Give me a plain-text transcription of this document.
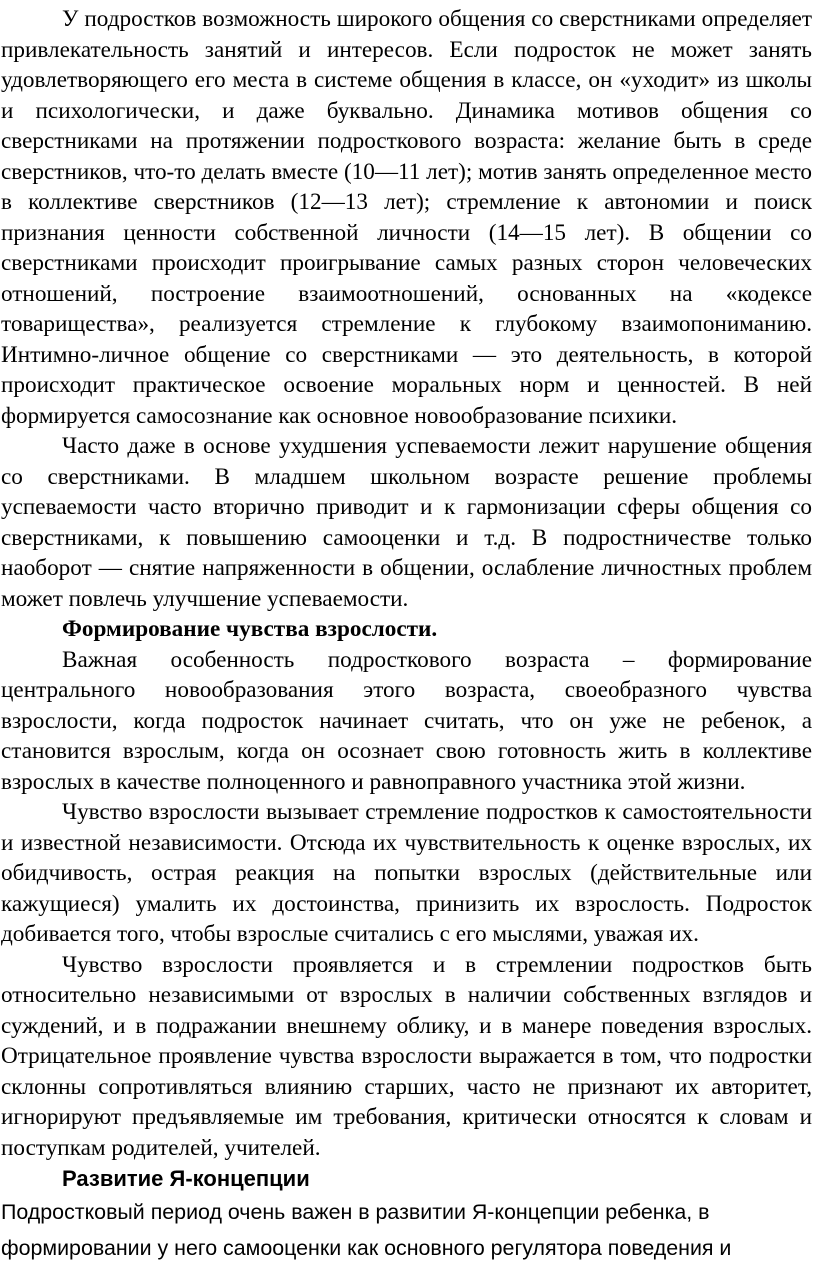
У подростков возможность широкого общения со сверстниками определяет привлекательность занятий и интересов. Если подросток не может занять удовлетворяющего его места в системе общения в классе, он «уходит» из школы и психологически, и даже буквально. Динамика мотивов общения со сверстниками на протяжении подросткового возраста: желание быть в среде сверстников, что-то делать вместе (10—11 лет); мотив занять определенное место в коллективе сверстников (12—13 лет); стремление к автономии и поиск признания ценности собственной личности (14—15 лет). В общении со сверстниками происходит проигрывание самых разных сторон человеческих отношений, построение взаимоотношений, основанных на «кодексе товарищества», реализуется стремление к глубокому взаимопониманию. Интимно-личное общение со сверстниками — это деятельность, в которой происходит практическое освоение моральных норм и ценностей. В ней формируется самосознание как основное новообразование психики.

Часто даже в основе ухудшения успеваемости лежит нарушение общения со сверстниками. В младшем школьном возрасте решение проблемы успеваемости часто вторично приводит и к гармонизации сферы общения со сверстниками, к повышению самооценки и т.д. В подростничестве только наоборот — снятие напряженности в общении, ослабление личностных проблем может повлечь улучшение успеваемости.

Формирование чувства взрослости.

Важная особенность подросткового возраста – формирование центрального новообразования этого возраста, своеобразного чувства взрослости, когда подросток начинает считать, что он уже не ребенок, а становится взрослым, когда он осознает свою готовность жить в коллективе взрослых в качестве полноценного и равноправного участника этой жизни.

Чувство взрослости вызывает стремление подростков к самостоятельности и известной независимости. Отсюда их чувствительность к оценке взрослых, их обидчивость, острая реакция на попытки взрослых (действительные или кажущиеся) умалить их достоинства, принизить их взрослость. Подросток добивается того, чтобы взрослые считались с его мыслями, уважая их.

Чувство взрослости проявляется и в стремлении подростков быть относительно независимыми от взрослых в наличии собственных взглядов и суждений, и в подражании внешнему облику, и в манере поведения взрослых. Отрицательное проявление чувства взрослости выражается в том, что подростки склонны сопротивляться влиянию старших, часто не признают их авторитет, игнорируют предъявляемые им требования, критически относятся к словам и поступкам родителей, учителей.

Развитие Я-концепции

Подростковый период очень важен в развитии Я-концепции ребенка, в формировании у него самооценки как основного регулятора поведения и
